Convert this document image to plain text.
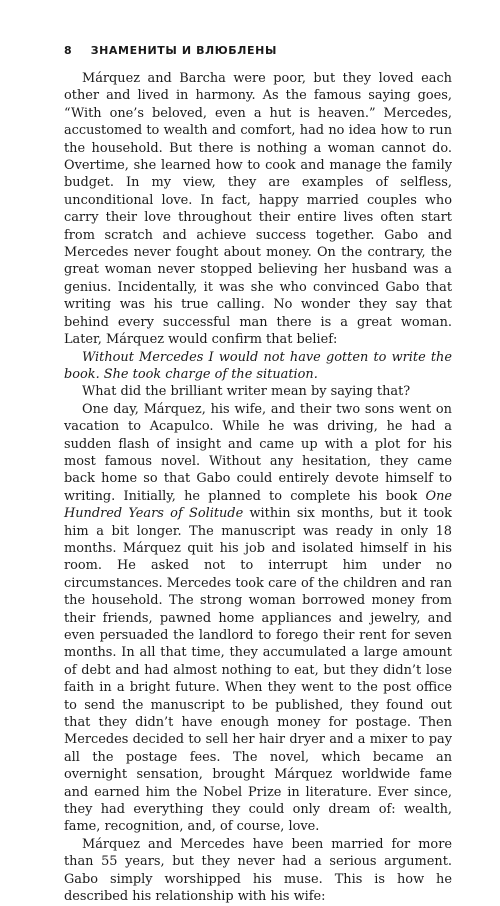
8 ЗНАМЕНИТЫ И ВЛЮБЛЕНЫ

Márquez and Barcha were poor, but they loved each other and lived in harmony. As the famous saying goes, “With one’s beloved, even a hut is heaven.” Mercedes, accustomed to wealth and comfort, had no idea how to run the household. But there is nothing a woman cannot do. Overtime, she learned how to cook and manage the family budget. In my view, they are examples of selfless, unconditional love. In fact, happy married couples who carry their love throughout their entire lives often start from scratch and achieve success together. Gabo and Mercedes never fought about money. On the contrary, the great woman never stopped believing her husband was a genius. Incidentally, it was she who convinced Gabo that writing was his true calling. No wonder they say that behind every successful man there is a great woman. Later, Márquez would confirm that belief:

Without Mercedes I would not have gotten to write the book. She took charge of the situation.

What did the brilliant writer mean by saying that?

One day, Márquez, his wife, and their two sons went on vacation to Acapulco. While he was driving, he had a sudden flash of insight and came up with a plot for his most famous novel. Without any hesitation, they came back home so that Gabo could entirely devote himself to writing. Initially, he planned to complete his book One Hundred Years of Solitude within six months, but it took him a bit longer. The manuscript was ready in only 18 months. Márquez quit his job and isolated himself in his room. He asked not to interrupt him under no circumstances. Mercedes took care of the children and ran the household. The strong woman borrowed money from their friends, pawned home appliances and jewelry, and even persuaded the landlord to forego their rent for seven months. In all that time, they accumulated a large amount of debt and had almost nothing to eat, but they didn’t lose faith in a bright future. When they went to the post office to send the manuscript to be published, they found out that they didn’t have enough money for postage. Then Mercedes decided to sell her hair dryer and a mixer to pay all the postage fees. The novel, which became an overnight sensation, brought Márquez worldwide fame and earned him the Nobel Prize in literature. Ever since, they had everything they could only dream of: wealth, fame, recognition, and, of course, love.

Márquez and Mercedes have been married for more than 55 years, but they never had a serious argument. Gabo simply worshipped his muse. This is how he described his relationship with his wife:
